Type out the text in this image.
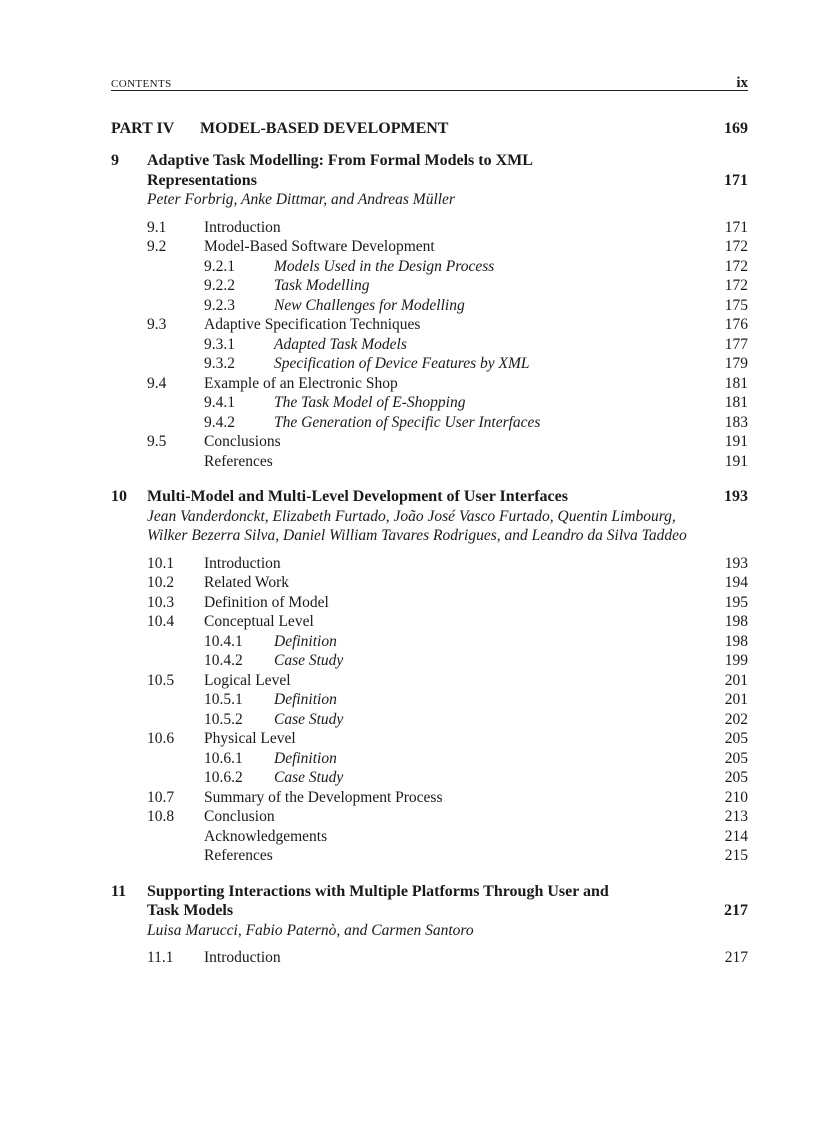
CONTENTS	ix
PART IV MODEL-BASED DEVELOPMENT	169
9	Adaptive Task Modelling: From Formal Models to XML Representations	171
Peter Forbrig, Anke Dittmar, and Andreas Müller
9.1	Introduction	171
9.2	Model-Based Software Development	172
9.2.1	Models Used in the Design Process	172
9.2.2	Task Modelling	172
9.2.3	New Challenges for Modelling	175
9.3	Adaptive Specification Techniques	176
9.3.1	Adapted Task Models	177
9.3.2	Specification of Device Features by XML	179
9.4	Example of an Electronic Shop	181
9.4.1	The Task Model of E-Shopping	181
9.4.2	The Generation of Specific User Interfaces	183
9.5	Conclusions	191
References	191
10	Multi-Model and Multi-Level Development of User Interfaces	193
Jean Vanderdonckt, Elizabeth Furtado, João José Vasco Furtado, Quentin Limbourg, Wilker Bezerra Silva, Daniel William Tavares Rodrigues, and Leandro da Silva Taddeo
10.1	Introduction	193
10.2	Related Work	194
10.3	Definition of Model	195
10.4	Conceptual Level	198
10.4.1	Definition	198
10.4.2	Case Study	199
10.5	Logical Level	201
10.5.1	Definition	201
10.5.2	Case Study	202
10.6	Physical Level	205
10.6.1	Definition	205
10.6.2	Case Study	205
10.7	Summary of the Development Process	210
10.8	Conclusion	213
Acknowledgements	214
References	215
11	Supporting Interactions with Multiple Platforms Through User and Task Models	217
Luisa Marucci, Fabio Paternò, and Carmen Santoro
11.1	Introduction	217
